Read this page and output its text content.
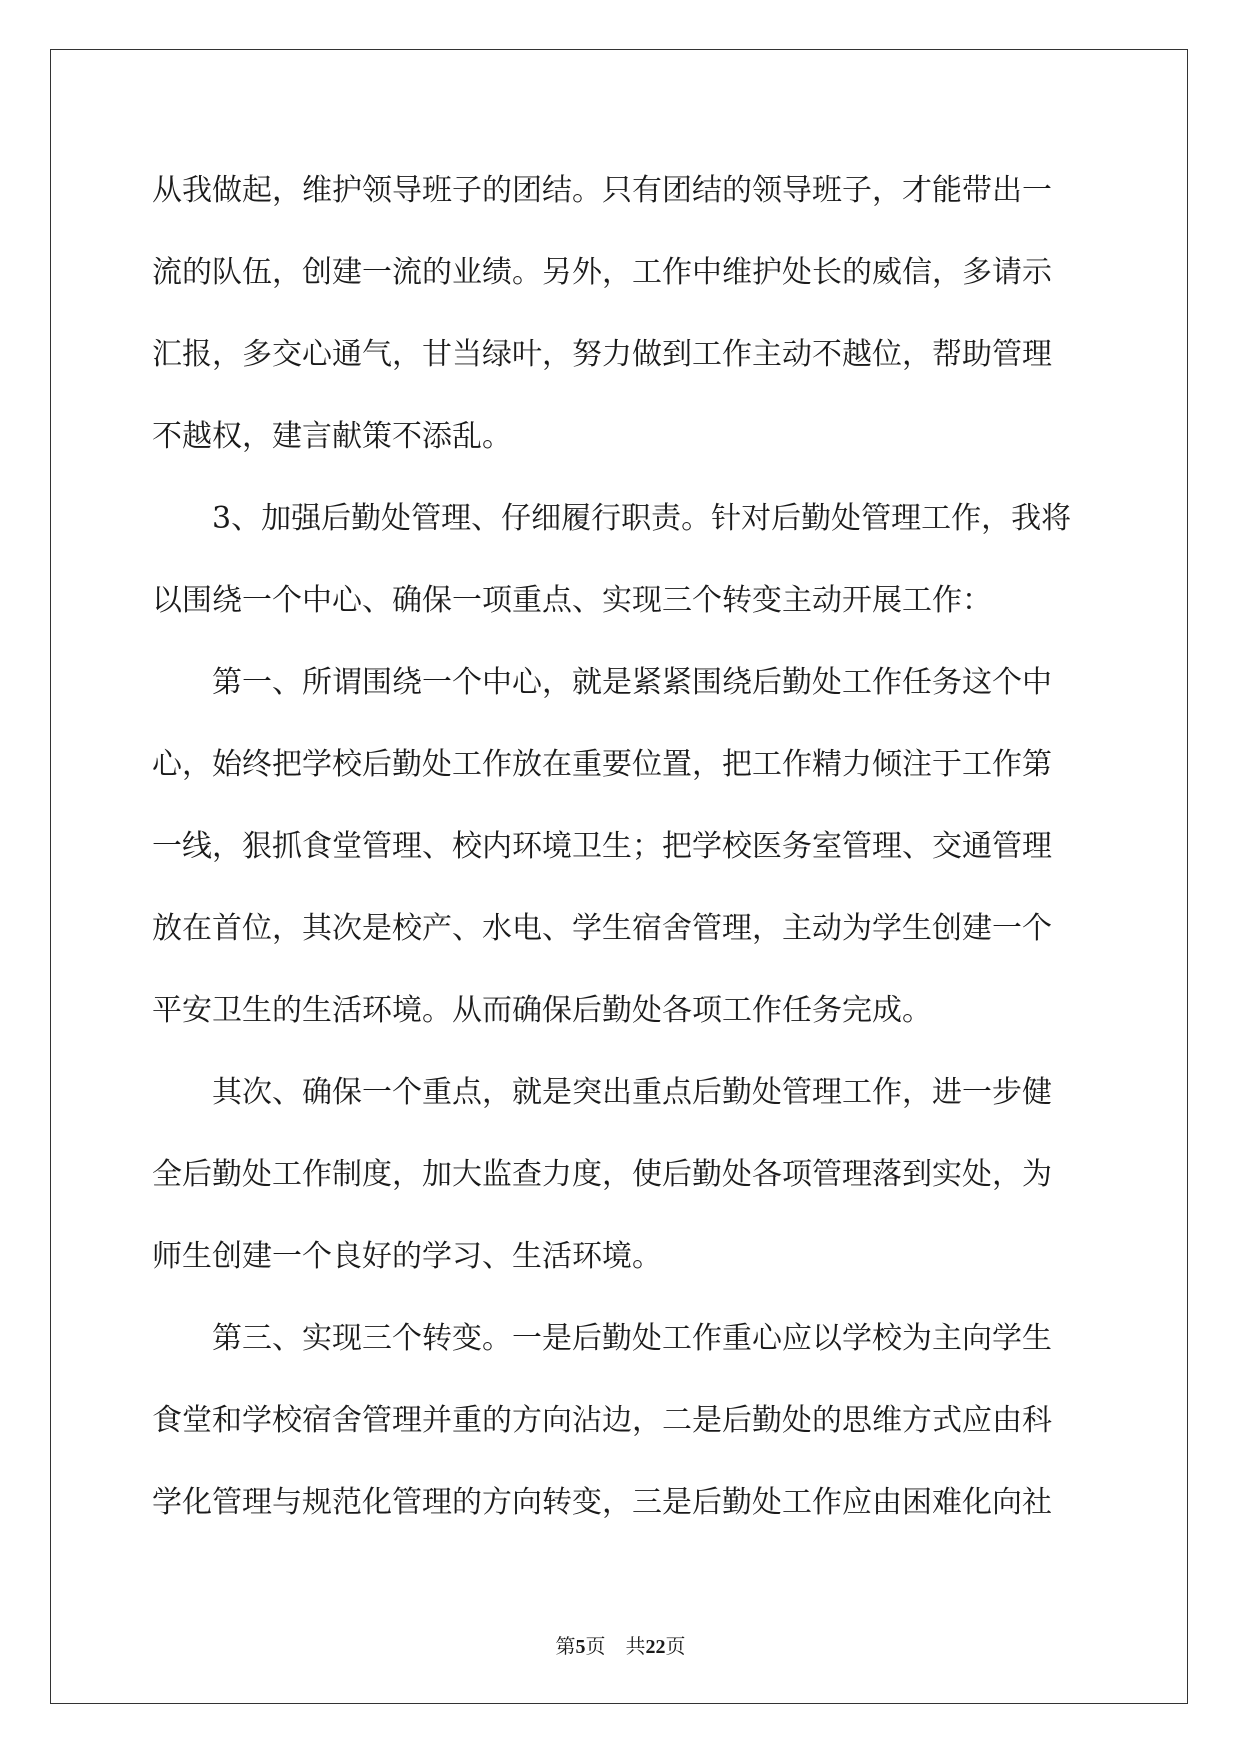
从我做起，维护领导班子的团结。只有团结的领导班子，才能带出一
流的队伍，创建一流的业绩。另外，工作中维护处长的威信，多请示
汇报，多交心通气，甘当绿叶，努力做到工作主动不越位，帮助管理
不越权，建言献策不添乱。
　　3、加强后勤处管理、仔细履行职责。针对后勤处管理工作，我将
以围绕一个中心、确保一项重点、实现三个转变主动开展工作：
　　第一、所谓围绕一个中心，就是紧紧围绕后勤处工作任务这个中
心，始终把学校后勤处工作放在重要位置，把工作精力倾注于工作第
一线，狠抓食堂管理、校内环境卫生；把学校医务室管理、交通管理
放在首位，其次是校产、水电、学生宿舍管理，主动为学生创建一个
平安卫生的生活环境。从而确保后勤处各项工作任务完成。
　　其次、确保一个重点，就是突出重点后勤处管理工作，进一步健
全后勤处工作制度，加大监查力度，使后勤处各项管理落到实处，为
师生创建一个良好的学习、生活环境。
　　第三、实现三个转变。一是后勤处工作重心应以学校为主向学生
食堂和学校宿舍管理并重的方向沾边，二是后勤处的思维方式应由科
学化管理与规范化管理的方向转变，三是后勤处工作应由困难化向社
第5页 共22页
